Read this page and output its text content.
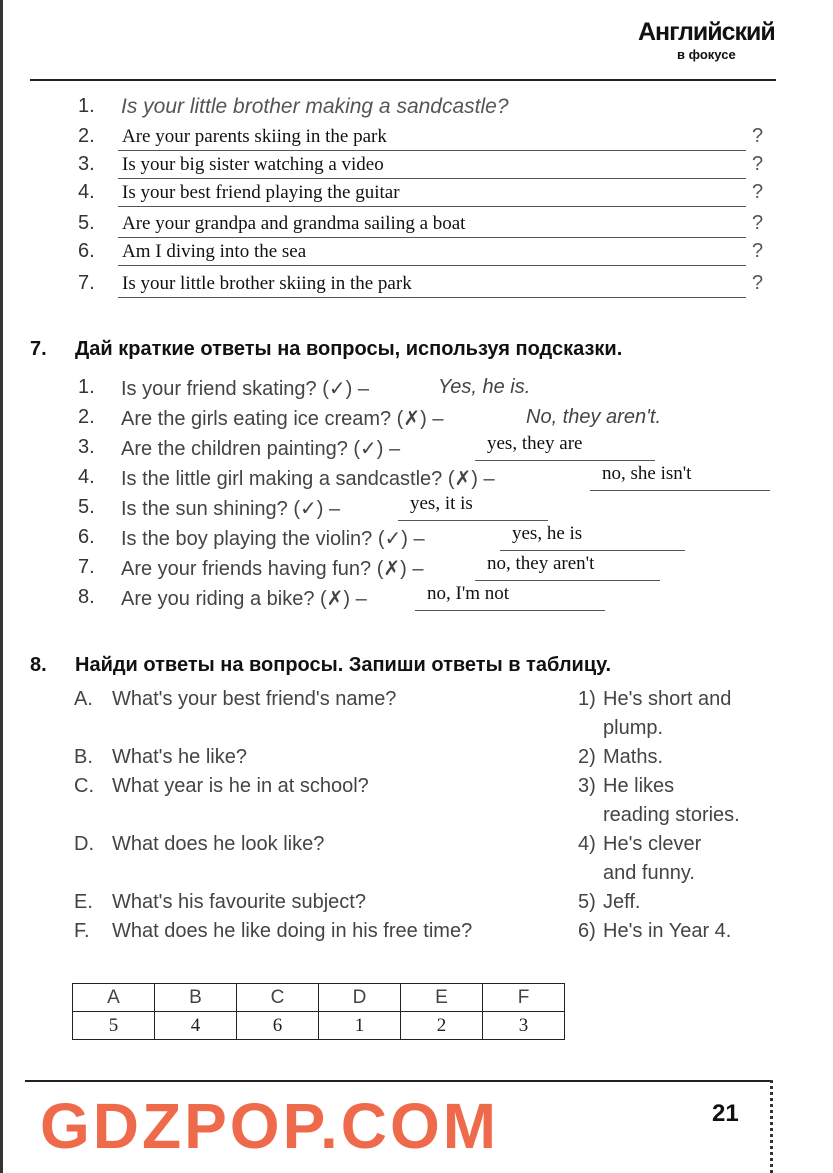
Английский
в фокусе
1. Is your little brother making a sandcastle?
2. Are your parents skiing in the park	?
3. Is your big sister watching a video	?
4. Is your best friend playing the guitar	?
5. Are your grandpa and grandma sailing a boat	?
6. Am I diving into the sea	?
7. Is your little brother skiing in the park	?
7. Дай краткие ответы на вопросы, используя подсказки.
1. Is your friend skating? (✓) –	Yes, he is.
2. Are the girls eating ice cream? (✗) –	No, they aren't.
3. Are the children painting? (✓) –	yes, they are
4. Is the little girl making a sandcastle? (✗) –	no, she isn't
5. Is the sun shining? (✓) –	yes, it is
6. Is the boy playing the violin? (✓) –	yes, he is
7. Are your friends having fun? (✗) –	no, they aren't
8. Are you riding a bike? (✗) –	no, I'm not
8. Найди ответы на вопросы. Запиши ответы в таблицу.
A. What's your best friend's name?
B. What's he like?
C. What year is he in at school?
D. What does he look like?
E. What's his favourite subject?
F. What does he like doing in his free time?
1) He's short and
plump.
2) Maths.
3) He likes
reading stories.
4) He's clever
and funny.
5) Jeff.
6) He's in Year 4.
A	B	C	D	E	F
5	4	6	1	2	3
GDZPOP.COM	21
